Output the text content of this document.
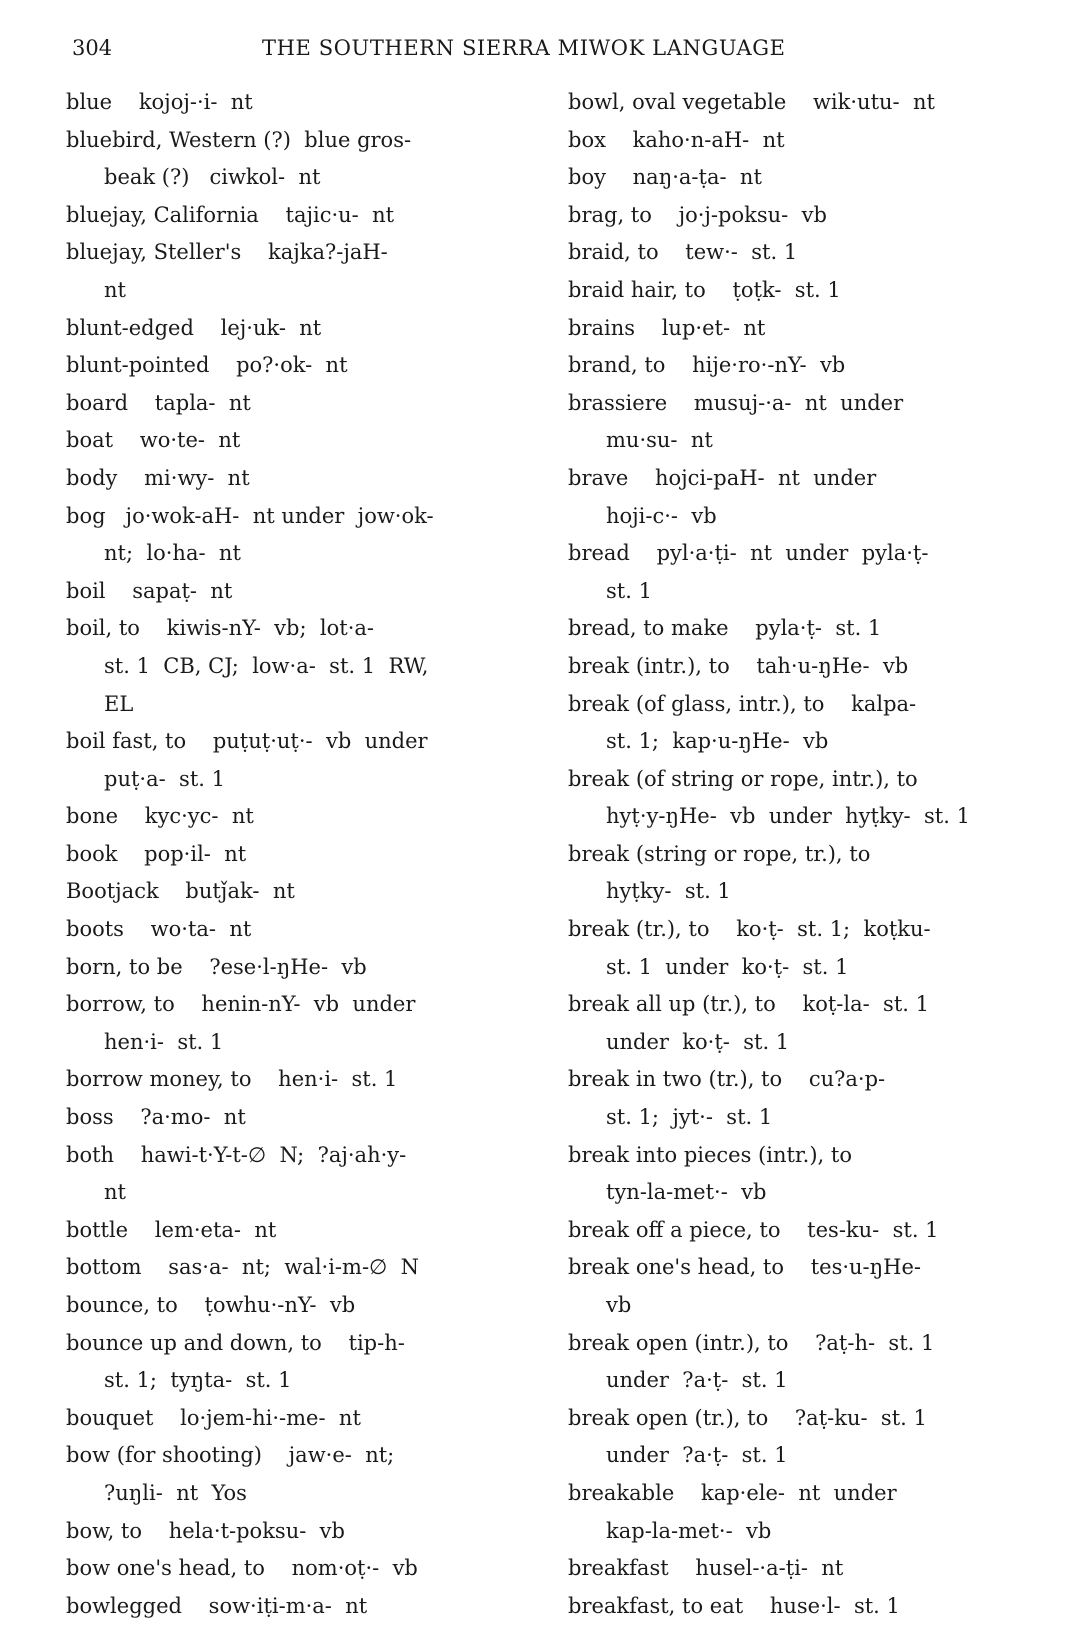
304	THE SOUTHERN SIERRA MIWOK LANGUAGE
blue    kojoj-·i-  nt
bluebird, Western (?)  blue gros-
beak (?)   ciwkol-  nt
bluejay, California    tajic·u-  nt
bluejay, Steller's    kajka?-jaH-
nt
blunt-edged    lej·uk-  nt
blunt-pointed    po?·ok-  nt
board    tapla-  nt
boat    wo·te-  nt
body    mi·wy-  nt
bog   jo·wok-aH-  nt under  jow·ok-
nt;  lo·ha-  nt
boil    sapaṭ-  nt
boil, to    kiwis-nY-  vb;  lot·a-
st. 1  CB, CJ;  low·a-  st. 1  RW,
EL
boil fast, to    puṭuṭ·uṭ·-  vb  under
puṭ·a-  st. 1
bone    kyc·yc-  nt
book    pop·il-  nt
Bootjack    butǰak-  nt
boots    wo·ta-  nt
born, to be    ?ese·l-ŋHe-  vb
borrow, to    henin-nY-  vb  under
hen·i-  st. 1
borrow money, to    hen·i-  st. 1
boss    ?a·mo-  nt
both    hawi-t·Y-t-∅  N;  ?aj·ah·y-
nt
bottle    lem·eta-  nt
bottom    sas·a-  nt;  wal·i-m-∅  N
bounce, to    ṭowhu·-nY-  vb
bounce up and down, to    tip-h-
st. 1;  tyŋta-  st. 1
bouquet    lo·jem-hi·-me-  nt
bow (for shooting)    jaw·e-  nt;
?uŋli-  nt  Yos
bow, to    hela·t-poksu-  vb
bow one's head, to    nom·oṭ·-  vb
bowlegged    sow·iṭi-m·a-  nt
bowl, oval vegetable    wik·utu-  nt
box    kaho·n-aH-  nt
boy    naŋ·a-ṭa-  nt
brag, to    jo·j-poksu-  vb
braid, to    tew·-  st. 1
braid hair, to    ṭoṭk-  st. 1
brains    lup·et-  nt
brand, to    hije·ro·-nY-  vb
brassiere    musuj-·a-  nt  under
mu·su-  nt
brave    hojci-paH-  nt  under
hoji-c·-  vb
bread    pyl·a·ṭi-  nt  under  pyla·ṭ-
st. 1
bread, to make    pyla·ṭ-  st. 1
break (intr.), to    tah·u-ŋHe-  vb
break (of glass, intr.), to    kalpa-
st. 1;  kap·u-ŋHe-  vb
break (of string or rope, intr.), to
hyṭ·y-ŋHe-  vb  under  hyṭky-  st. 1
break (string or rope, tr.), to
hyṭky-  st. 1
break (tr.), to    ko·ṭ-  st. 1;  koṭku-
st. 1  under  ko·ṭ-  st. 1
break all up (tr.), to    koṭ-la-  st. 1
under  ko·ṭ-  st. 1
break in two (tr.), to    cu?a·p-
st. 1;  jyt·-  st. 1
break into pieces (intr.), to
tyn-la-met·-  vb
break off a piece, to    tes-ku-  st. 1
break one's head, to    tes·u-ŋHe-
vb
break open (intr.), to    ?aṭ-h-  st. 1
under  ?a·ṭ-  st. 1
break open (tr.), to    ?aṭ-ku-  st. 1
under  ?a·ṭ-  st. 1
breakable    kap·ele-  nt  under
kap-la-met·-  vb
breakfast    husel-·a-ṭi-  nt
breakfast, to eat    huse·l-  st. 1
